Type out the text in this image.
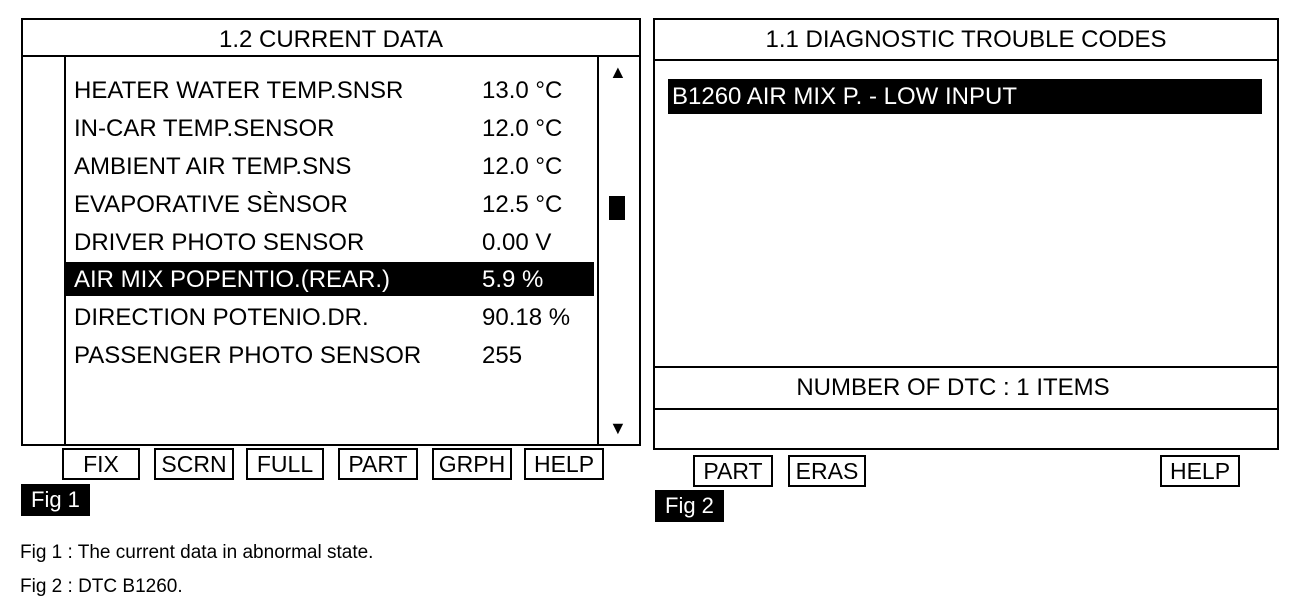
1.2 CURRENT DATA
HEATER WATER TEMP.SNSR	13.0 °C
IN-CAR TEMP.SENSOR	12.0 °C
AMBIENT AIR TEMP.SNS	12.0 °C
EVAPORATIVE SÈNSOR	12.5 °C
DRIVER PHOTO SENSOR	0.00 V
AIR MIX POPENTIO.(REAR.)	5.9 %
DIRECTION POTENIO.DR.	90.18 %
PASSENGER PHOTO SENSOR	255
▲
▼
FIX	SCRN	FULL	PART	GRPH	HELP
Fig 1
1.1 DIAGNOSTIC TROUBLE CODES
B1260 AIR MIX P. - LOW INPUT
NUMBER OF DTC : 1 ITEMS
PART	ERAS	HELP
Fig 2
Fig 1 : The current data in abnormal state.
Fig 2 : DTC B1260.
